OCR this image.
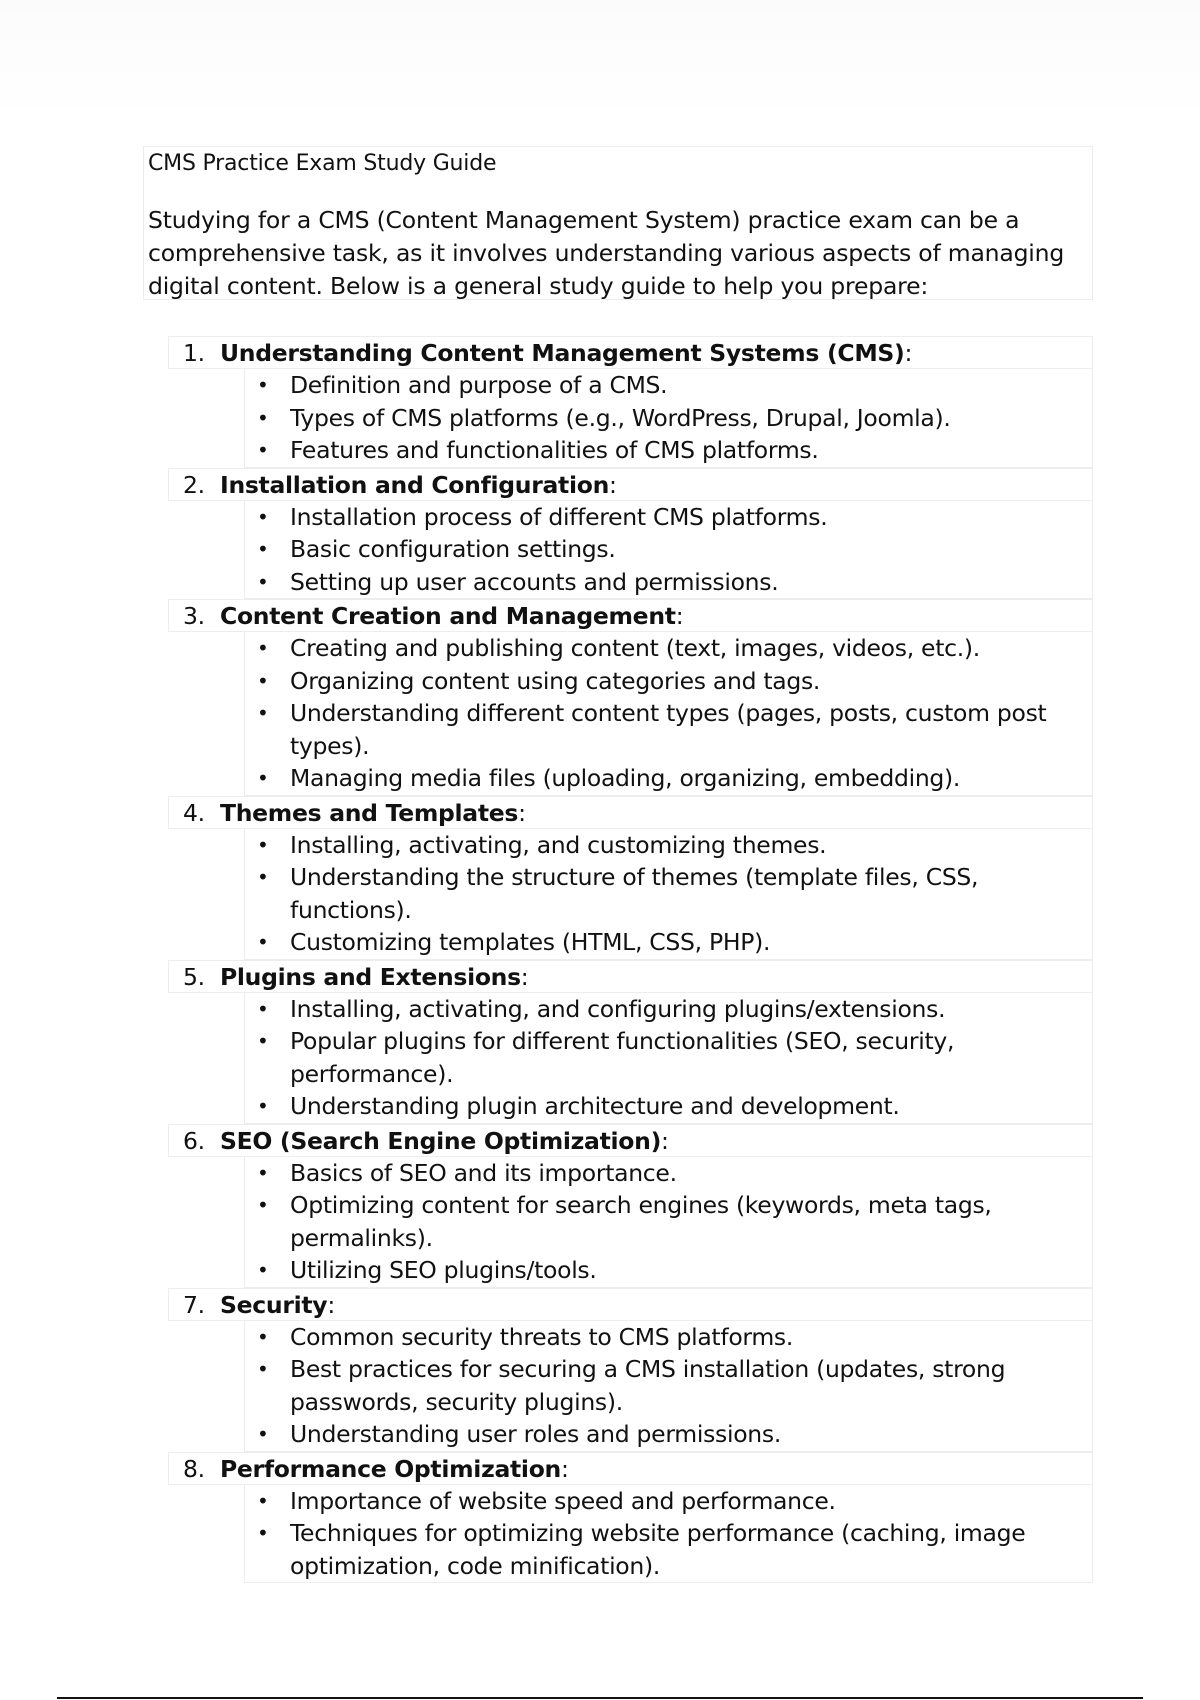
CMS Practice Exam Study Guide
Studying for a CMS (Content Management System) practice exam can be a comprehensive task, as it involves understanding various aspects of managing digital content. Below is a general study guide to help you prepare:
1. Understanding Content Management Systems (CMS):
• Definition and purpose of a CMS.
• Types of CMS platforms (e.g., WordPress, Drupal, Joomla).
• Features and functionalities of CMS platforms.
2. Installation and Configuration:
• Installation process of different CMS platforms.
• Basic configuration settings.
• Setting up user accounts and permissions.
3. Content Creation and Management:
• Creating and publishing content (text, images, videos, etc.).
• Organizing content using categories and tags.
• Understanding different content types (pages, posts, custom post types).
• Managing media files (uploading, organizing, embedding).
4. Themes and Templates:
• Installing, activating, and customizing themes.
• Understanding the structure of themes (template files, CSS, functions).
• Customizing templates (HTML, CSS, PHP).
5. Plugins and Extensions:
• Installing, activating, and configuring plugins/extensions.
• Popular plugins for different functionalities (SEO, security, performance).
• Understanding plugin architecture and development.
6. SEO (Search Engine Optimization):
• Basics of SEO and its importance.
• Optimizing content for search engines (keywords, meta tags, permalinks).
• Utilizing SEO plugins/tools.
7. Security:
• Common security threats to CMS platforms.
• Best practices for securing a CMS installation (updates, strong passwords, security plugins).
• Understanding user roles and permissions.
8. Performance Optimization:
• Importance of website speed and performance.
• Techniques for optimizing website performance (caching, image optimization, code minification).
